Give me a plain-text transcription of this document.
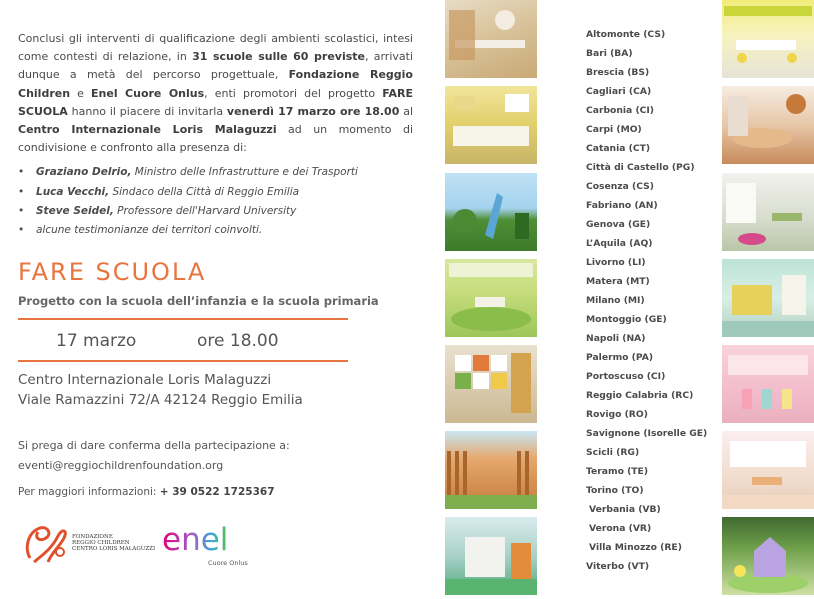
Conclusi gli interventi di qualificazione degli ambienti scolastici, intesi come contesti di relazione, in 31 scuole sulle 60 previste, arrivati dunque a metà del percorso progettuale, Fondazione Reggio Children e Enel Cuore Onlus, enti promotori del progetto FARE SCUOLA hanno il piacere di invitarla venerdì 17 marzo ore 18.00 al Centro Internazionale Loris Malaguzzi ad un momento di condivisione e confronto alla presenza di:

• Graziano Delrio, Ministro delle Infrastrutture e dei Trasporti
• Luca Vecchi, Sindaco della Città di Reggio Emilia
• Steve Seidel, Professore dell'Harvard University
• alcune testimonianze dei territori coinvolti.
FARE SCUOLA
Progetto con la scuola dell’infanzia e la scuola primaria
17 marzo	ore 18.00
Centro Internazionale Loris Malaguzzi
Viale Ramazzini 72/A 42124 Reggio Emilia
Si prega di dare conferma della partecipazione a:
eventi@reggiochildrenfoundation.org
Per maggiori informazioni: + 39 0522 1725367
FONDAZIONE
REGGIO CHILDREN
CENTRO LORIS MALAGUZZI enel
Cuore Onlus
Altomonte (CS)
Bari (BA)
Brescia (BS)
Cagliari (CA)
Carbonia (CI)
Carpi (MO)
Catania (CT)
Città di Castello (PG)
Cosenza (CS)
Fabriano (AN)
Genova (GE)
L’Aquila (AQ)
Livorno (LI)
Matera (MT)
Milano (MI)
Montoggio (GE)
Napoli (NA)
Palermo (PA)
Portoscuso (CI)
Reggio Calabria (RC)
Rovigo (RO)
Savignone (Isorelle GE)
Scicli (RG)
Teramo (TE)
Torino (TO)
Verbania (VB)
Verona (VR)
Villa Minozzo (RE)
Viterbo (VT)
